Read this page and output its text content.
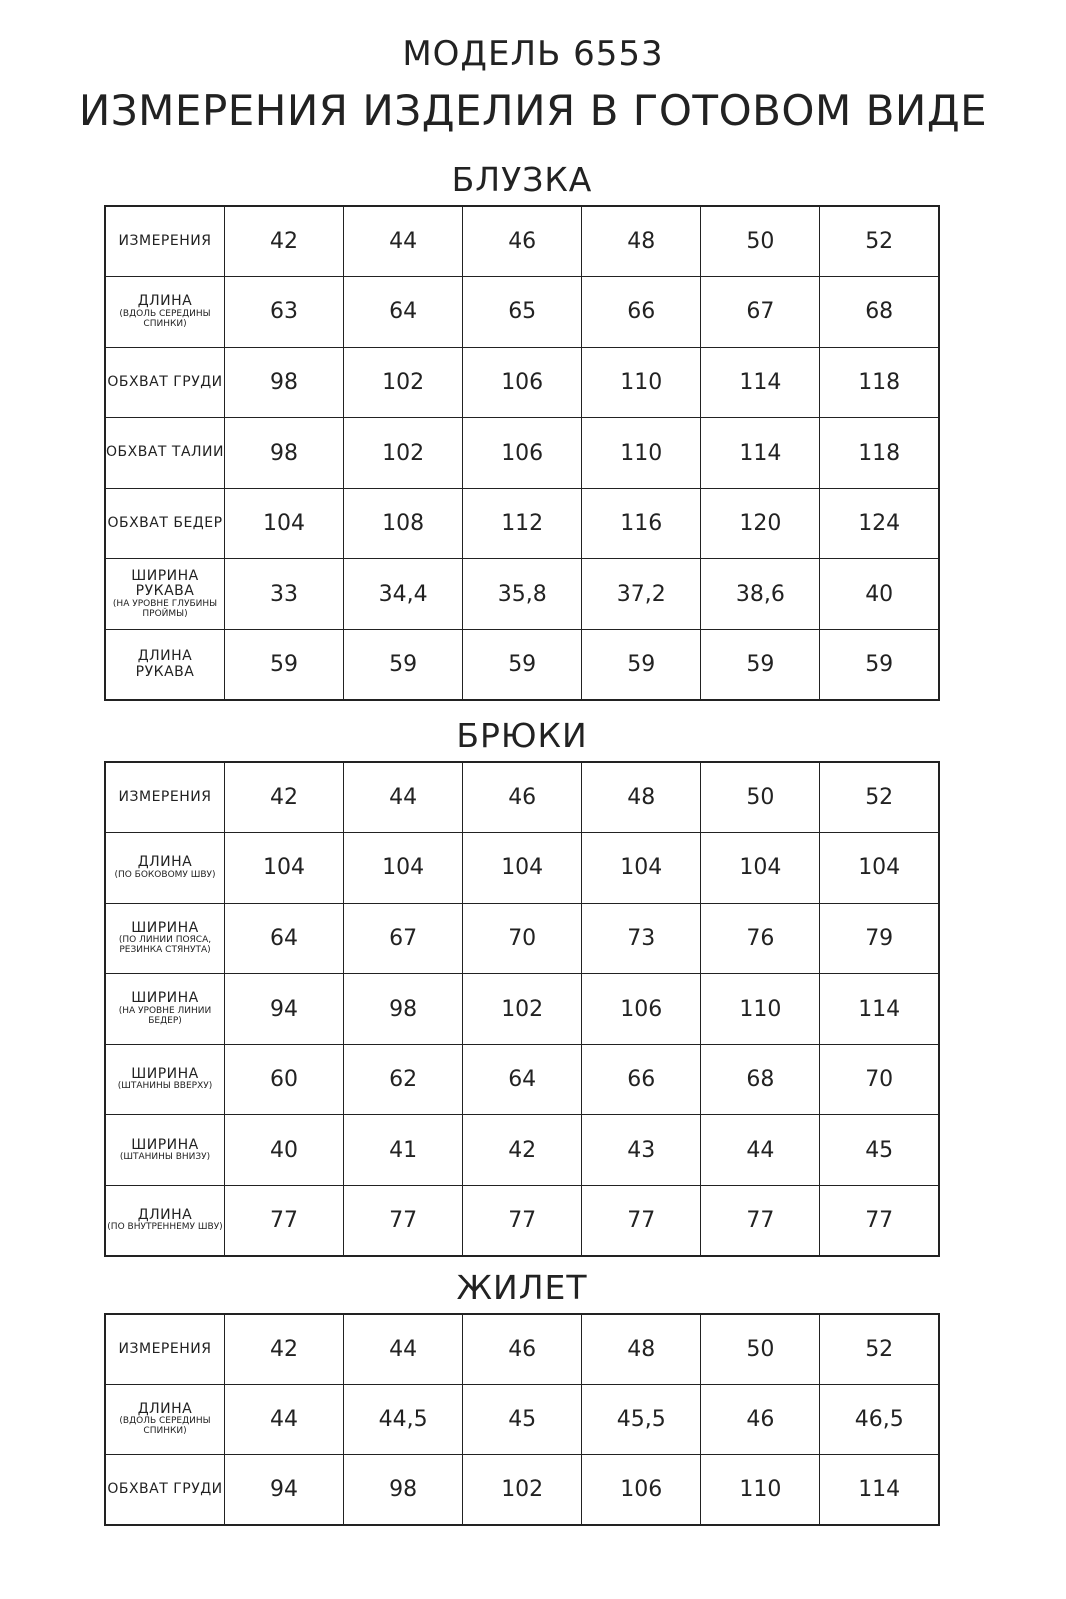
МОДЕЛЬ 6553
ИЗМЕРЕНИЯ ИЗДЕЛИЯ В ГОТОВОМ ВИДЕ
БЛУЗКА
ИЗМЕРЕНИЯ	42	44	46	48	50	52

ДЛИНА
(ВДОЛЬ СЕРЕДИНЫ СПИНКИ)	63	64	65	66	67	68

ОБХВАТ ГРУДИ	98	102	106	110	114	118

ОБХВАТ ТАЛИИ	98	102	106	110	114	118

ОБХВАТ БЕДЕР	104	108	112	116	120	124

ШИРИНА РУКАВА
(НА УРОВНЕ ГЛУБИНЫ ПРОЙМЫ)	33	34,4	35,8	37,2	38,6	40

ДЛИНА РУКАВА	59	59	59	59	59	59
БРЮКИ
ИЗМЕРЕНИЯ	42	44	46	48	50	52

ДЛИНА
(ПО БОКОВОМУ ШВУ)	104	104	104	104	104	104

ШИРИНА
(ПО ЛИНИИ ПОЯСА, РЕЗИНКА СТЯНУТА)	64	67	70	73	76	79

ШИРИНА
(НА УРОВНЕ ЛИНИИ БЕДЕР)	94	98	102	106	110	114

ШИРИНА
(ШТАНИНЫ ВВЕРХУ)	60	62	64	66	68	70

ШИРИНА
(ШТАНИНЫ ВНИЗУ)	40	41	42	43	44	45

ДЛИНА
(ПО ВНУТРЕННЕМУ ШВУ)	77	77	77	77	77	77
ЖИЛЕТ
ИЗМЕРЕНИЯ	42	44	46	48	50	52

ДЛИНА
(ВДОЛЬ СЕРЕДИНЫ СПИНКИ)	44	44,5	45	45,5	46	46,5

ОБХВАТ ГРУДИ	94	98	102	106	110	114
